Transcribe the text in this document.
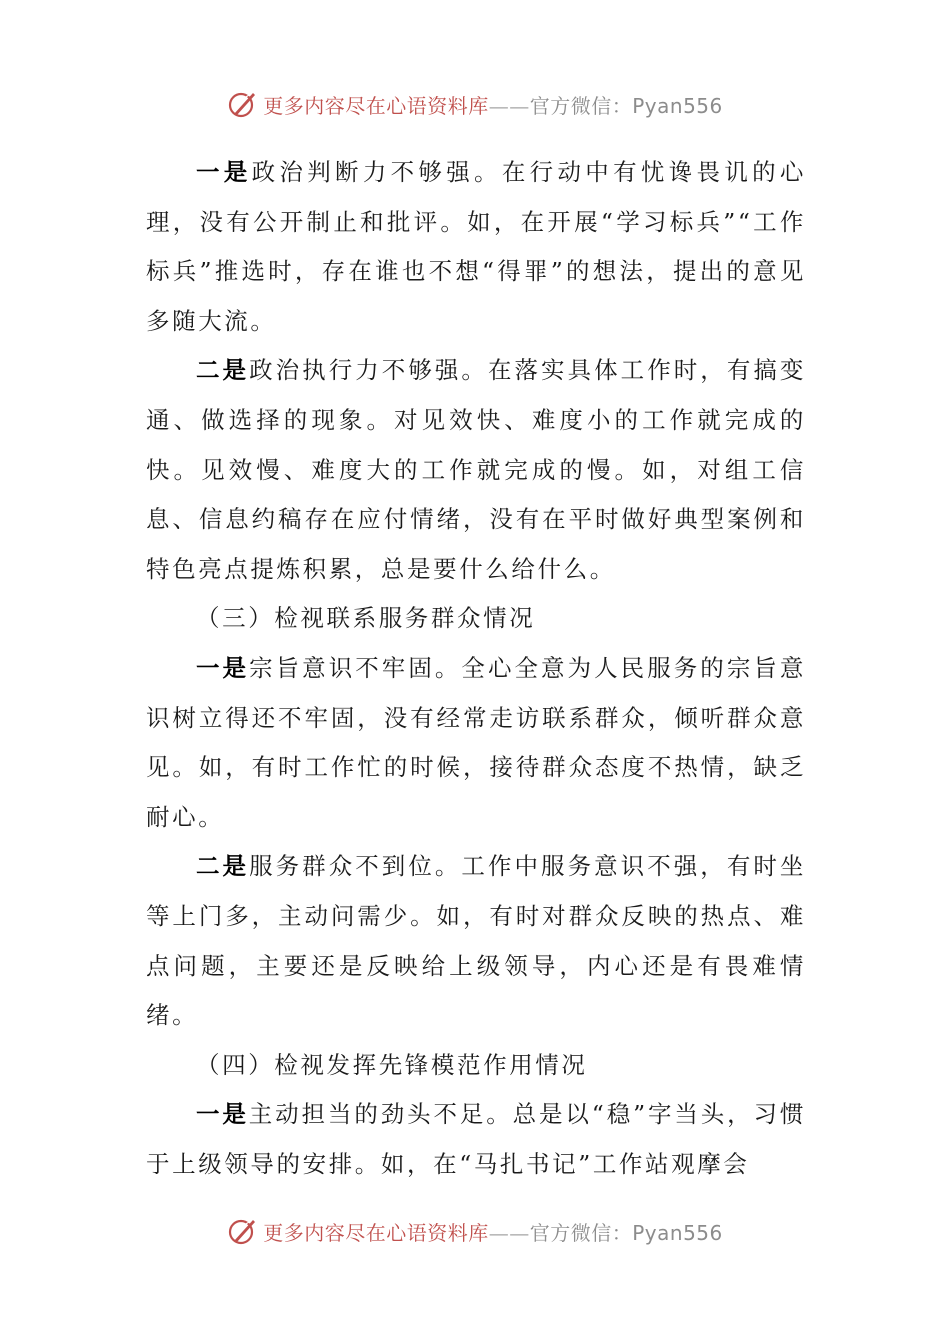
更多内容尽在心语资料库——官方微信：Pyan556

一是政治判断力不够强。在行动中有忧谗畏讥的心理，没有公开制止和批评。如，在开展“学习标兵”“工作标兵”推选时，存在谁也不想“得罪”的想法，提出的意见多随大流。

二是政治执行力不够强。在落实具体工作时，有搞变通、做选择的现象。对见效快、难度小的工作就完成的快。见效慢、难度大的工作就完成的慢。如，对组工信息、信息约稿存在应付情绪，没有在平时做好典型案例和特色亮点提炼积累，总是要什么给什么。

（三）检视联系服务群众情况

一是宗旨意识不牢固。全心全意为人民服务的宗旨意识树立得还不牢固，没有经常走访联系群众，倾听群众意见。如，有时工作忙的时候，接待群众态度不热情，缺乏耐心。

二是服务群众不到位。工作中服务意识不强，有时坐等上门多，主动问需少。如，有时对群众反映的热点、难点问题，主要还是反映给上级领导，内心还是有畏难情绪。

（四）检视发挥先锋模范作用情况

一是主动担当的劲头不足。总是以“稳”字当头，习惯于上级领导的安排。如，在“马扎书记”工作站观摩会

更多内容尽在心语资料库——官方微信：Pyan556
